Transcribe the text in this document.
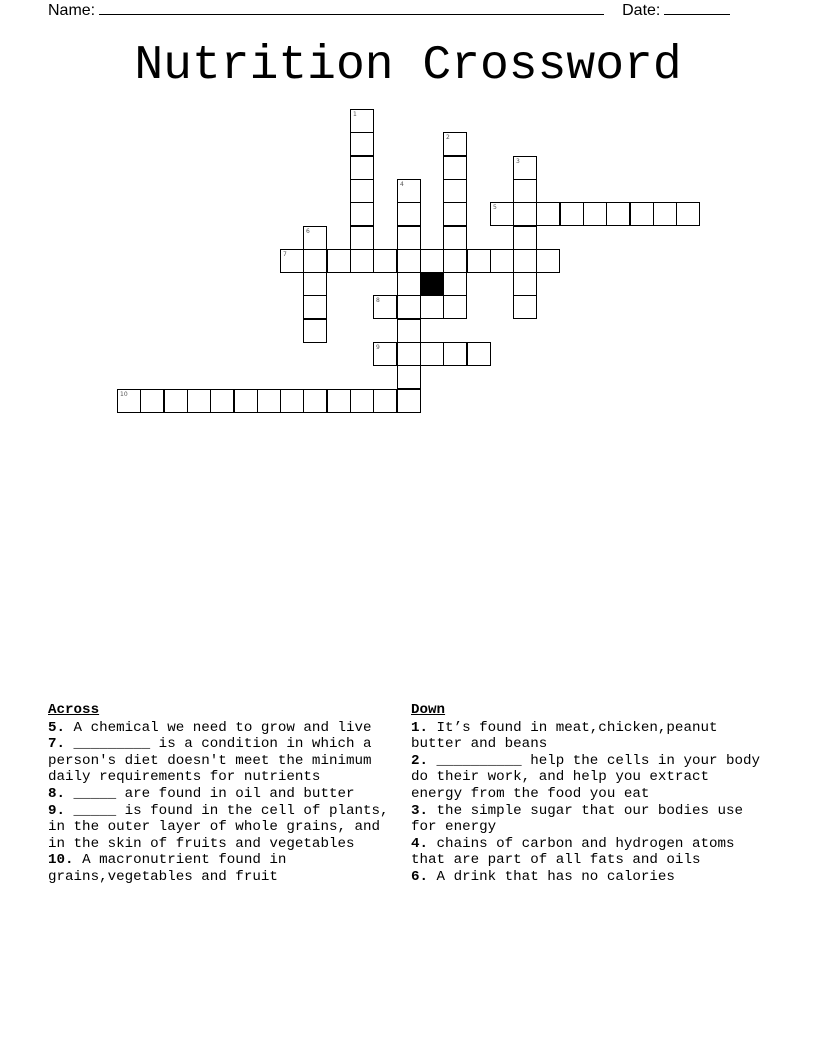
Name:	Date:
Nutrition Crossword
1
2
3
4
5
6
7
8
9
10
Across
5. A chemical we need to grow and live
7. _________ is a condition in which a person's diet doesn't meet the minimum daily requirements for nutrients
8. _____ are found in oil and butter
9. _____ is found in the cell of plants, in the outer layer of whole grains, and in the skin of fruits and vegetables
10. A macronutrient found in grains,vegetables and fruit
Down
1. It’s found in meat,chicken,peanut butter and beans
2. __________ help the cells in your body do their work, and help you extract energy from the food you eat
3. the simple sugar that our bodies use for energy
4. chains of carbon and hydrogen atoms that are part of all fats and oils
6. A drink that has no calories
